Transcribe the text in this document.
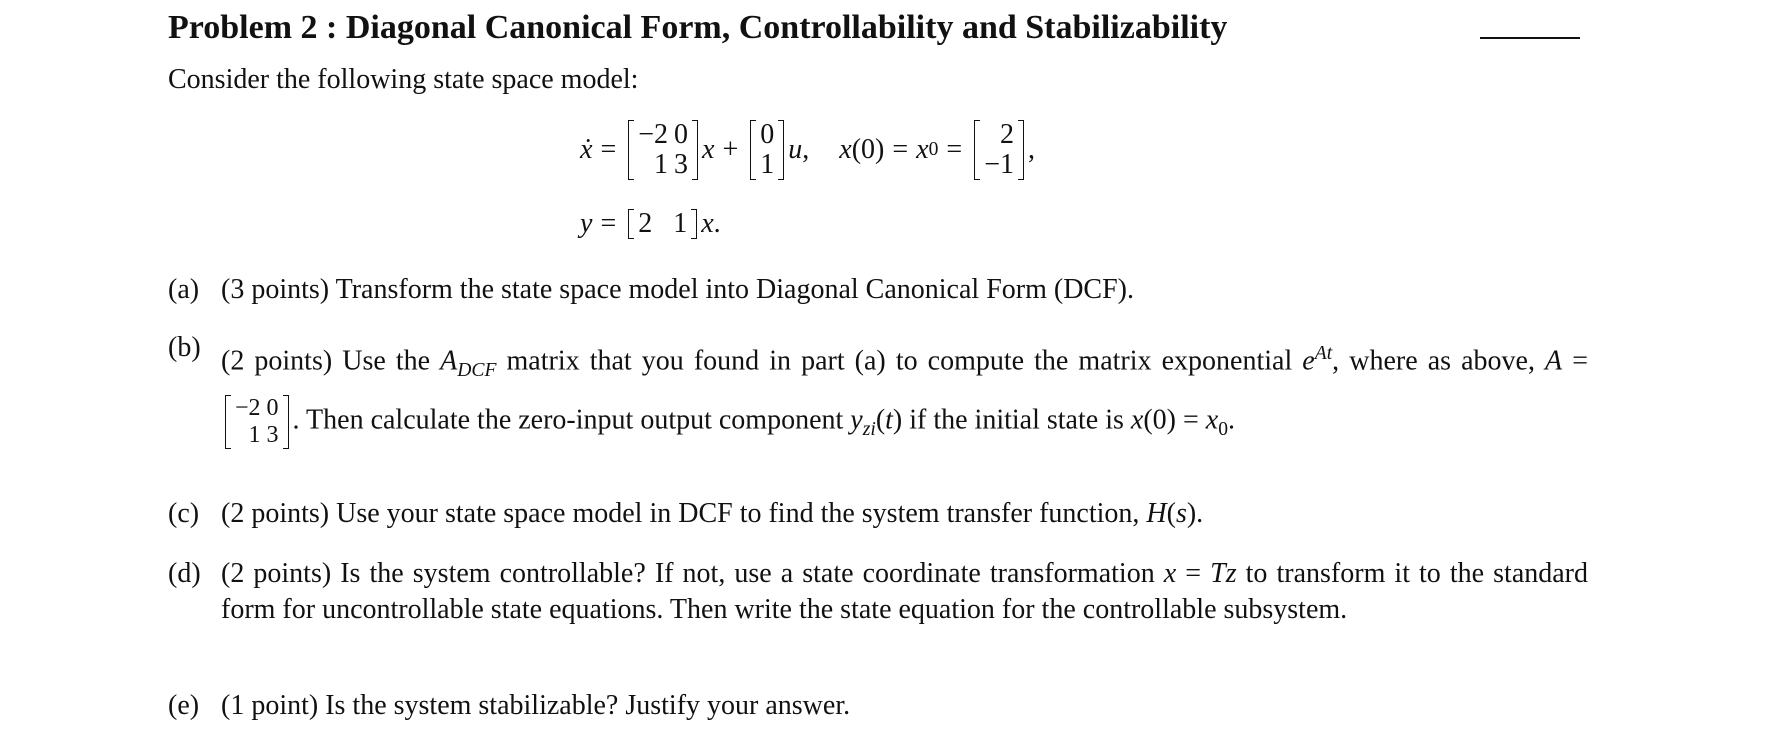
Problem 2 : Diagonal Canonical Form, Controllability and Stabilizability
Consider the following state space model:
ẋ = −2	0
1	3 x + 0
1 u , x (0) = x 0 = 2
−1 ,
y = 2	1 x .
(a) (3 points) Transform the state space model into Diagonal Canonical Form (DCF).
(b) (2 points) Use the $A_{DCF}$ matrix that you found in part (a) to compute the matrix exponential $e^{At}$, where as above, A =
−2	0
1	3 . Then calculate the zero-input output component $y_{zi}(t)$ if the initial state is $x(0) = x_0$.
(c) (2 points) Use your state space model in DCF to find the system transfer function, H(s).
(d) (2 points) Is the system controllable? If not, use a state coordinate transformation x = Tz to transform it to the standard form for uncontrollable state equations. Then write the state equation for the controllable subsystem.
(e) (1 point) Is the system stabilizable? Justify your answer.
